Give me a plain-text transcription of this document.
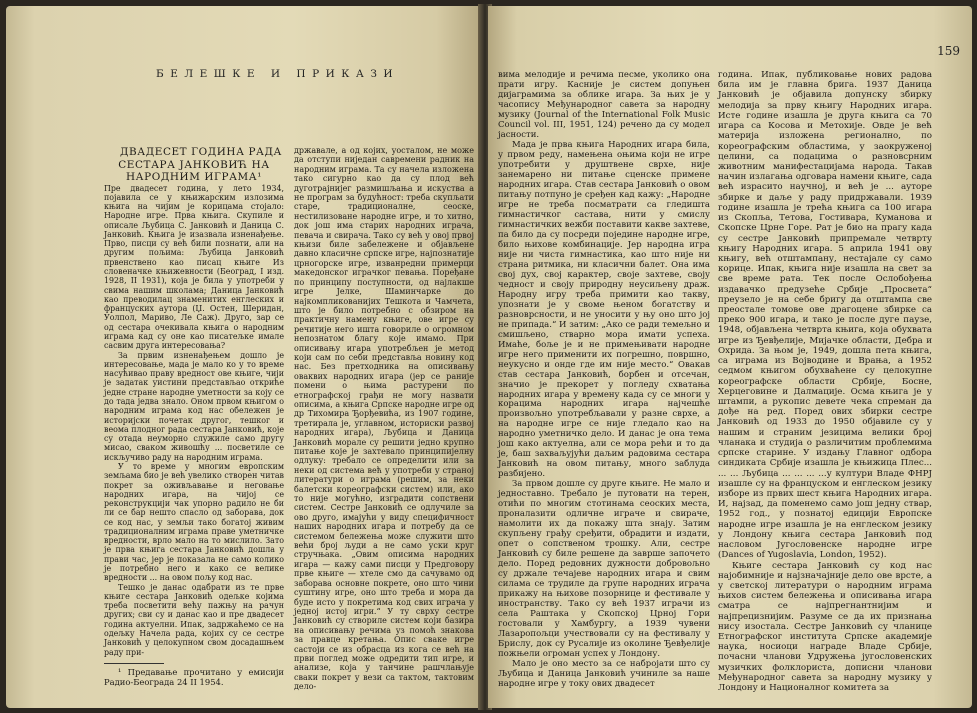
БЕЛЕШКЕ И ПРИКАЗИ

ДВАДЕСЕТ ГОДИНА РАДА СЕСТАРА ЈАНКОВИЋ НА НАРОДНИМ ИГРАМА¹

Пре двадесет година, у лето 1934, појавила се у књижарским излозима књига на чијим је корицама стојало: Народне игре. Прва књига. Скупиле и описале Љубица С. Јанковић и Даница С. Јанковић. Књига је изазвала изненађење. Прво, писци су већ били познати, али на другим пољима: Љубица Јанковић првенствено као писац књиге Из словеначке књижевности (Београд, I изд. 1928, II 1931), која је била у употреби у свима нашим школама; Даница Јанковић као преводилац знаменитих енглеских и француских аутора (Џ. Остен, Шеридан, Уолпол, Мариво, Ле Саж). Друго, зар се од сестара очекивала књига о народним играма кад су оне као писатељке имале сасвим друга интересовања?

За првим изненађењем дошло је интересовање, мада је мало ко у то време насућивао праву вредност ове књиге, чији је задатак уистини представљао откриће једне стране народне уметности за коју се до тада једва знало. Оном првом књигом о народним играма код нас обележен је историјски почетак другог, тешког и веома плодног рада сестара Јанковић, које су отада неуморно служиле само другу мисао, свакoм живошћу ... посветиле се искључиво раду на народним играма.

У то време у многим европским земљама био је већ увелико створен читав покрет за оживљавање и неговање народних игара, на чијој се реконструкцији чак упорно радило не би ли се бар нешто спасло од заборава, док се код нас, у земљи тако богатој живим традиционалним играма праве уметничке вредности, врло мало на то мислило. Зато је прва књига сестара Јанковић дошла у прави час, јер је показала не само колико је потребно него и како се великe вредности ... на овом пољу код нас.

Тешко је данас одабрати из те прве књиге сестара Јанковић одељке којима треба посветити већу пажњу на рачун других; сви су и данас као и пре двадесет година актуелни. Ипак, задржаћемо се на одељку Начела рада, којих су се сестре Јанковић у целокупном свом досадашњем раду при-

¹ Предавање прочитано у емисији Радио-Београда 24 II 1954.

државале, а од којих, уосталом, не може да отступи ниједан савремени радник на народним играма. Та су начела изложена тако сигурно као да су плод већ дуготрајнијег размишљања и искуства а не програм за будућност: треба скупљати старе, традиционалне, сеоске, нестилизоване народне игре, и то хитно, док још има старих народних играча, певача и свирача. Тако су већ у овој првој књизи биле забележене и објављене давно класичне српске игре, најпознатије црногорске игре, изванредни примерци македонског играчког певања. Поређане по принципу поступности, од најлакше игре Јелке, Шаминчарке до најкомпликованијих Тешкота и Чамчета, што је било потребно с обзиром на практичну намену књиге, ове игре су речитије него ишта говориле о огромном непознатом благу које имамо. При описивању игара употребљен је метод који сам по себи представља новину код нас. Без претходника на описивању оваквих народних игара (јер се раније помени о њима растурени по етнографској грађи не могу назвати описима, а књига Српске народне игре од др Тихомира Ђорђевића, из 1907 године, третирала је, углавном, историски развој народних игара), Љубица и Даница Јанковић морале су решити једно крупно питање које је захтевало принципијелну одлуку: требало се определити или за неки од система већ у употреби у страној литератури о играма (решим, за неки балетски кореографски систем) или, ако то није могућно, изградити сопствени систем. Сестре Јанковић се одлучиле за ово друго, имајући у виду специфичност наших народних игара и потребу да се системом бележења може служити што већи број људи а не само уски круг стручњака. „Овим описима народних игара — кажу сами писци у Предговору прве књиге — хтеле смо да сачувамо од заборава основне покрете, оно што чини суштину игре, оно што треба и мора да буде исто у покретима код свих играча у једној истој игри.“ У ту сврху сестре Јанковић су створиле систем који базира на описивању речима уз помоћ знакова за правце кретања. Опис сваке игре састоји се из обрасца из кога се већ на први поглед може одредити тип игре, и анализе, која у танчине рашчлањује сваки покрет у вези са тактом, тактовим дело-

159

вима мелодије и речима песме, уколико она прати игру. Касније је систем допуњен дијаграмима за облике игара. За њих је у часопису Међународног савета за народну музику (Journal of the International Folk Music Council vol. III, 1951, 124) речено да су модел јасности.

Мада је прва књига Народних игара била, у првом реду, намењена оњима који не игре употребити у друштвене сврхе, није занемарено ни питање сценске примене народних игара. Став сестара Јанковић о овом питању потпуно је сређен кад кажу: „Народне игре не треба посматрати са гледишта гимнастичког састава, нити у смислу гимнастичких вежби поставити какве захтеве, па било да су посреди поједине народне игре, било њихове комбинације. Јер народна игра није ни чиста гимнастика, као што није ни страна ритмика, ни класични балет. Она има свој дух, свој карактер, своје захтеве, своју чедност и своју природну неусиљену драж. Народну игру треба примити као такву, упознати је у своме њеном богатству и разноврсности, и не уносити у њу оно што јој не припада.“ И затим: „Ако се ради темељно и смишљено, стварно мора имати успеха. Имаће, боље је и не примењивати народне игре него применити их погрешно, површно, неукусно и онде где им није место.“ Овакав став сестара Јанковић, борбен и отсечан, значио је прекорет у погледу схватања народних игара у времену када су се многи у корацима народних игара најчешће произвољно употребљавали у разне сврхе, а на народне игре се није гледало као на народно уметничко дело. И данас је она тема још како актуелна, али се мора рећи и то да је, баш захваљујући даљим радовима сестара Јанковић на овом питању, много заблуда разбијено.

За првом дошле су друге књиге. Не мало и једноставно. Требало је путовати на терен, отићи по многим стотинама сеоских места, проналазити одличне играче и свираче, намолити их да покажу шта знају. Затим скупљену грађу сређити, обрадити и издати, опет о сопственом трошку. Али, сестре Јанковић су биле решене да заврше започето дело. Поред редовних дужности добровољно су држале течајеве народних игара и свим силама се трудиле да групе народних играча прикажу на њихове позорнице и фестивале у иностранству. Тако су већ 1937 играчи из села Раштака у Скопској Црној Гори гостовали у Хамбургу, а 1939 чувени Лазаропољци учествовали су на фестивалу у Брислу, док су Русалије из околине Ђевђелије пожњели огроман успех у Лондону.

Мало је оно место за се набројати што су Љубица и Даница Јанковић учиниле за наше народне игре у току ових двадесет

година. Ипак, публиковање нових радова била им је главна брига. 1937 Даница Јанковић је објавила допунску збирку мелодија за прву књигу Народних игара. Исте године изашла је друга књига са 70 игара са Косова и Метохије. Овде је већ материја изложена регионално, по кореографским областима, у заокруженој целини, са подацима о разновсрним животним манифестацијама народа. Такав начин излагања одговара намени књиге, сада већ израсито научној, и већ је ... ауторе збирке и даље у раду придржавали. 1939 године изашла је трећа књига са 100 игара из Скопља, Тетова, Гостивара, Куманова и Скопске Црне Горе. Рат је био на прагу када су сестре Јанковић припремале четврту књигу Народних игара. 5 априла 1941 ову књигу, већ отштампану, нестајале су само корице. Ипак, књига није изашла на свет за све време рата. Тек после Ослобођења издавачко предузеће Србије „Просвета“ преузело је на себе бригу да отштампа све преостале томове ове драгоцене збирке са преко 900 игара, и тако је после дуге паузе, 1948, објављена четврта књига, која обухвата игре из Ђевђелије, Мијачке области, Дебра и Охрида. За њом је, 1949, дошла пета књига, са играма из Војводине и Врања, а 1952 седмом књигом обухваћене су целокупне кореографске области Србије, Босне, Херцеговине и Далмације. Осма књига је у штампи, а рукопис девете чека спреман да дође на ред. Поред ових збирки сестре Јанковић од 1933 до 1950 објавиле су у нашим и страним језицима велики број чланака и студија о различитим проблемима српске старине. У издању Главног одбора синдиката Србије изашла је књижица Плес... ... ... Љубица ... ... ... ...у култури Владе ФНРЈ изашле су на француском и енглеском језику изборе из првих шест књига Народних игара. И, најзад, да поменемо само још једну ствар, 1952 год., у познатој едицији Европске народне игре изашла је на енглеском језику у Лондону књига сестара Јанковић под насловом Југословенске народне игре (Dances of Yugoslavia, London, 1952).

Књиге сестара Јанковић су код нас најобимније и најзначајније дело ове врсте, а у светској литератури о народним играма њихов систем бележења и описивања игара сматра се најпрегнантнијим и најпрецизнијим. Разуме се да их признања нису изостала. Сестре Јанковић су чланице Етнографског института Српске академије наука, носиоци награде Владе Србије, почасни чланови Удружења југословенских музичких фолклориста, дописни чланови Међународног савета за народну музику у Лондону и Националног комитета за
